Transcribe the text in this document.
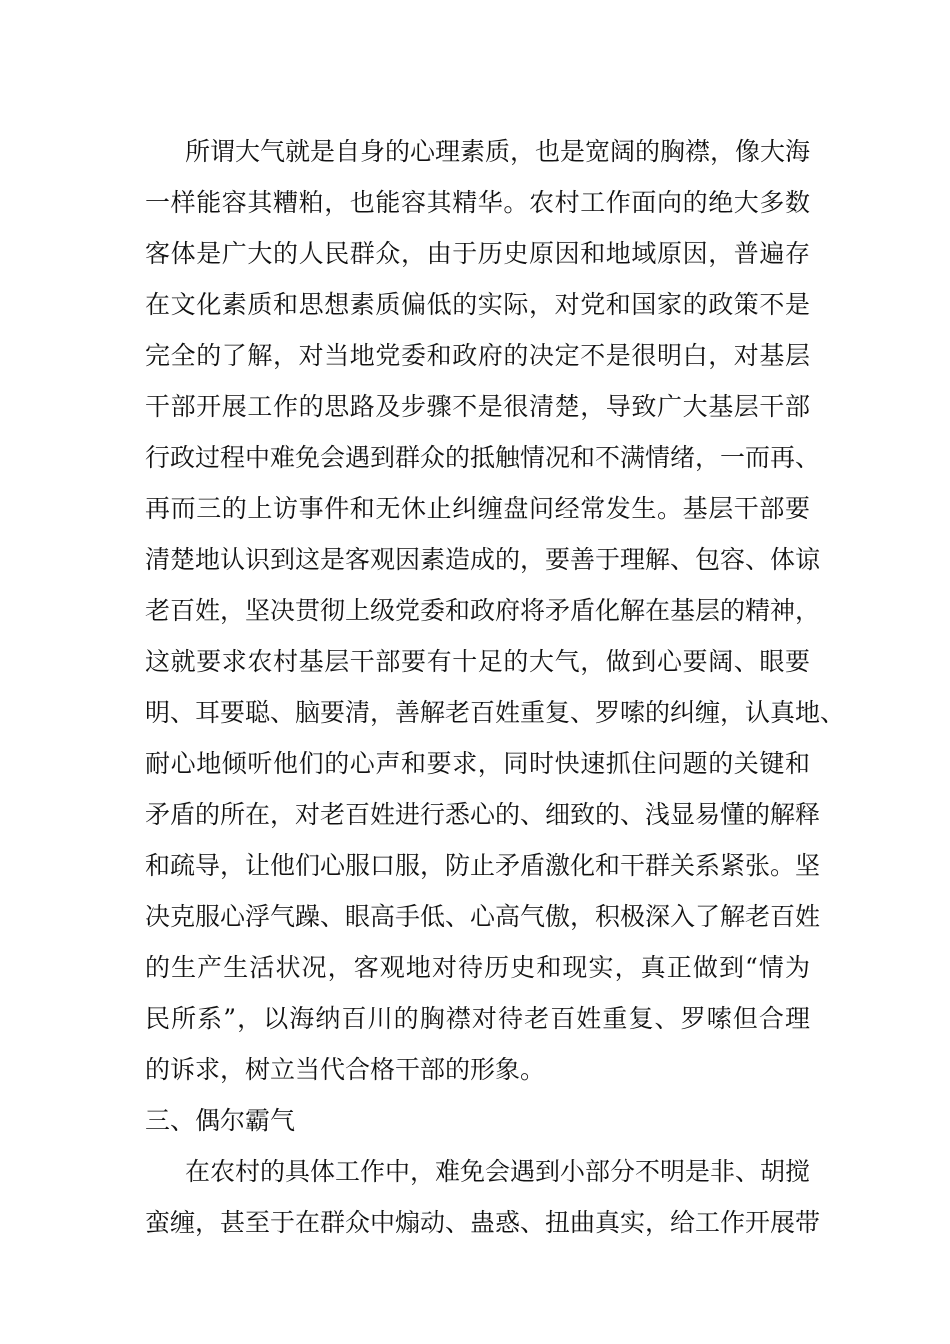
所谓大气就是自身的心理素质，也是宽阔的胸襟，像大海
一样能容其糟粕，也能容其精华。农村工作面向的绝大多数
客体是广大的人民群众，由于历史原因和地域原因，普遍存
在文化素质和思想素质偏低的实际，对党和国家的政策不是
完全的了解，对当地党委和政府的决定不是很明白，对基层
干部开展工作的思路及步骤不是很清楚，导致广大基层干部
行政过程中难免会遇到群众的抵触情况和不满情绪，一而再、
再而三的上访事件和无休止纠缠盘问经常发生。基层干部要
清楚地认识到这是客观因素造成的，要善于理解、包容、体谅
老百姓，坚决贯彻上级党委和政府将矛盾化解在基层的精神，
这就要求农村基层干部要有十足的大气，做到心要阔、眼要
明、耳要聪、脑要清，善解老百姓重复、罗嗦的纠缠，认真地、
耐心地倾听他们的心声和要求，同时快速抓住问题的关键和
矛盾的所在，对老百姓进行悉心的、细致的、浅显易懂的解释
和疏导，让他们心服口服，防止矛盾激化和干群关系紧张。坚
决克服心浮气躁、眼高手低、心高气傲，积极深入了解老百姓
的生产生活状况，客观地对待历史和现实，真正做到“情为
民所系”，以海纳百川的胸襟对待老百姓重复、罗嗦但合理
的诉求，树立当代合格干部的形象。
三、偶尔霸气
在农村的具体工作中，难免会遇到小部分不明是非、胡搅
蛮缠，甚至于在群众中煽动、蛊惑、扭曲真实，给工作开展带
